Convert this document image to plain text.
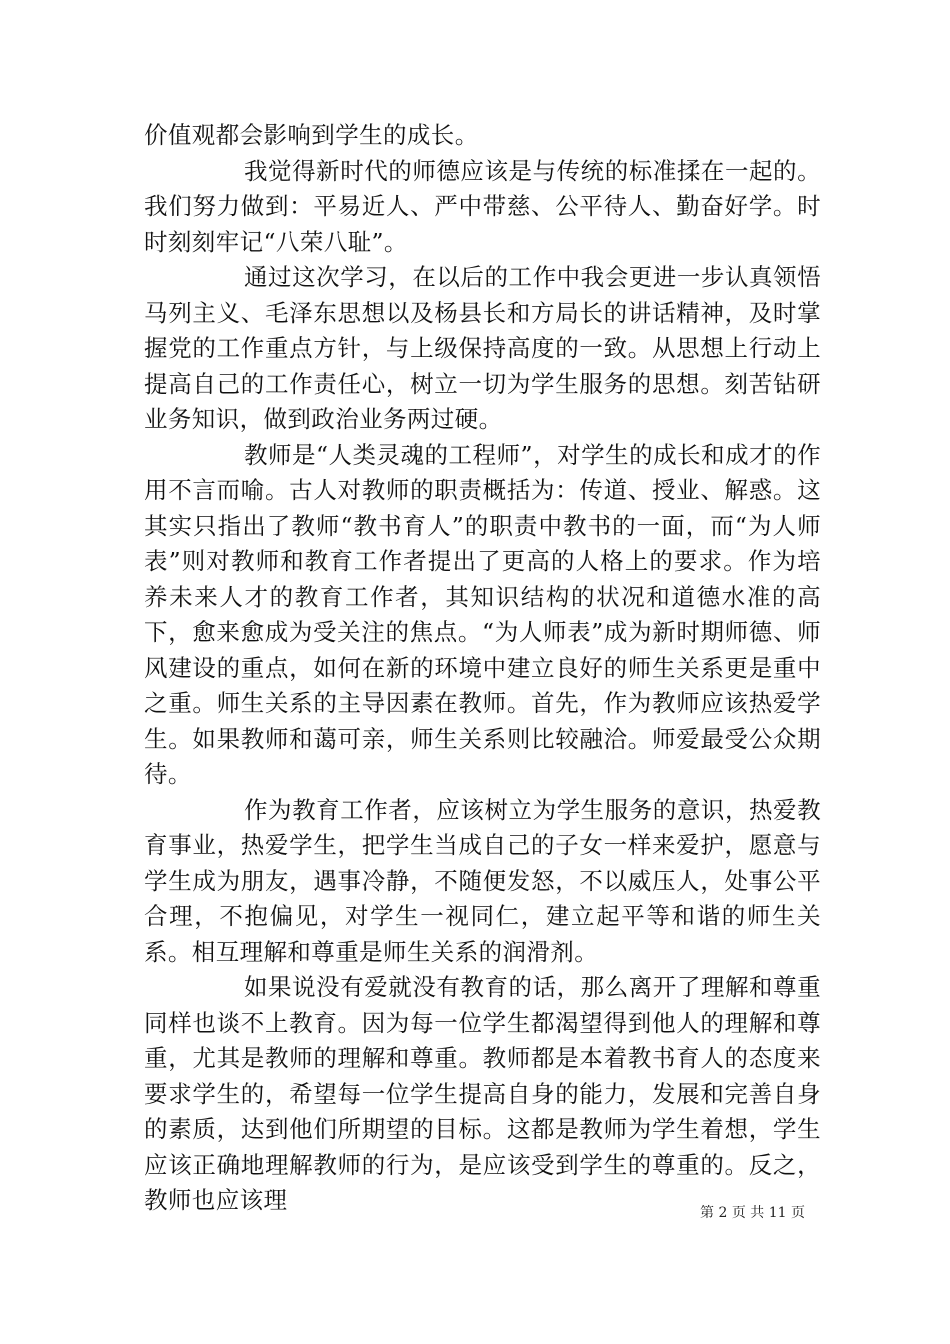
价值观都会影响到学生的成长。

我觉得新时代的师德应该是与传统的标准揉在一起的。我们努力做到：平易近人、严中带慈、公平待人、勤奋好学。时时刻刻牢记“八荣八耻”。

通过这次学习，在以后的工作中我会更进一步认真领悟马列主义、毛泽东思想以及杨县长和方局长的讲话精神，及时掌握党的工作重点方针，与上级保持高度的一致。从思想上行动上提高自己的工作责任心，树立一切为学生服务的思想。刻苦钻研业务知识，做到政治业务两过硬。

教师是“人类灵魂的工程师”，对学生的成长和成才的作用不言而喻。古人对教师的职责概括为：传道、授业、解惑。这其实只指出了教师“教书育人”的职责中教书的一面，而“为人师表”则对教师和教育工作者提出了更高的人格上的要求。作为培养未来人才的教育工作者，其知识结构的状况和道德水准的高下，愈来愈成为受关注的焦点。“为人师表”成为新时期师德、师风建设的重点，如何在新的环境中建立良好的师生关系更是重中之重。师生关系的主导因素在教师。首先，作为教师应该热爱学生。如果教师和蔼可亲，师生关系则比较融洽。师爱最受公众期待。

作为教育工作者，应该树立为学生服务的意识，热爱教育事业，热爱学生，把学生当成自己的子女一样来爱护，愿意与学生成为朋友，遇事冷静，不随便发怒，不以威压人，处事公平合理，不抱偏见，对学生一视同仁，建立起平等和谐的师生关系。相互理解和尊重是师生关系的润滑剂。

如果说没有爱就没有教育的话，那么离开了理解和尊重同样也谈不上教育。因为每一位学生都渴望得到他人的理解和尊重，尤其是教师的理解和尊重。教师都是本着教书育人的态度来要求学生的，希望每一位学生提高自身的能力，发展和完善自身的素质，达到他们所期望的目标。这都是教师为学生着想，学生应该正确地理解教师的行为，是应该受到学生的尊重的。反之，教师也应该理	第 2 页 共 11 页
